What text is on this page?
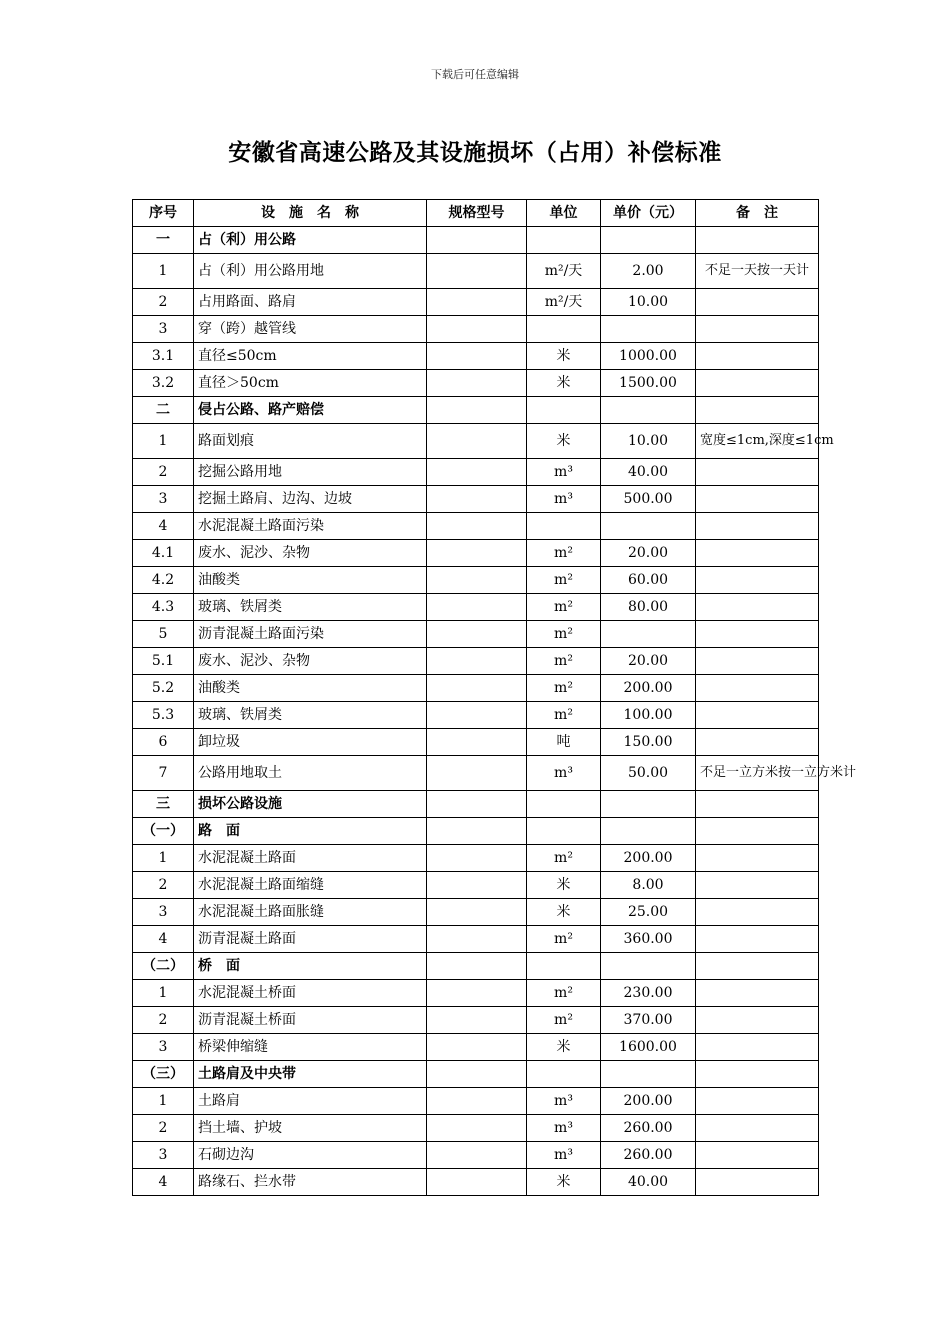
下载后可任意编辑
安徽省高速公路及其设施损坏（占用）补偿标准
序号	设　施　名　称	规格型号	单位	单价（元）	备　注
一	占（利）用公路				
1	占（利）用公路用地		m²/天	2.00	不足一天按一天计
2	占用路面、路肩		m²/天	10.00	
3	穿（跨）越管线				
3.1	直径≤50cm		米	1000.00	
3.2	直径＞50cm		米	1500.00	
二	侵占公路、路产赔偿				
1	路面划痕		米	10.00	宽度≤1cm,深度≤1cm
2	挖掘公路用地		m³	40.00	
3	挖掘土路肩、边沟、边坡		m³	500.00	
4	水泥混凝土路面污染				
4.1	废水、泥沙、杂物		m²	20.00	
4.2	油酸类		m²	60.00	
4.3	玻璃、铁屑类		m²	80.00	
5	沥青混凝土路面污染		m²		
5.1	废水、泥沙、杂物		m²	20.00	
5.2	油酸类		m²	200.00	
5.3	玻璃、铁屑类		m²	100.00	
6	卸垃圾		吨	150.00	
7	公路用地取土		m³	50.00	不足一立方米按一立方米计
三	损坏公路设施				
（一）	路　面				
1	水泥混凝土路面		m²	200.00	
2	水泥混凝土路面缩缝		米	8.00	
3	水泥混凝土路面胀缝		米	25.00	
4	沥青混凝土路面		m²	360.00	
（二）	桥　面				
1	水泥混凝土桥面		m²	230.00	
2	沥青混凝土桥面		m²	370.00	
3	桥梁伸缩缝		米	1600.00	
（三）	土路肩及中央带				
1	土路肩		m³	200.00	
2	挡土墙、护坡		m³	260.00	
3	石砌边沟		m³	260.00	
4	路缘石、拦水带		米	40.00	
